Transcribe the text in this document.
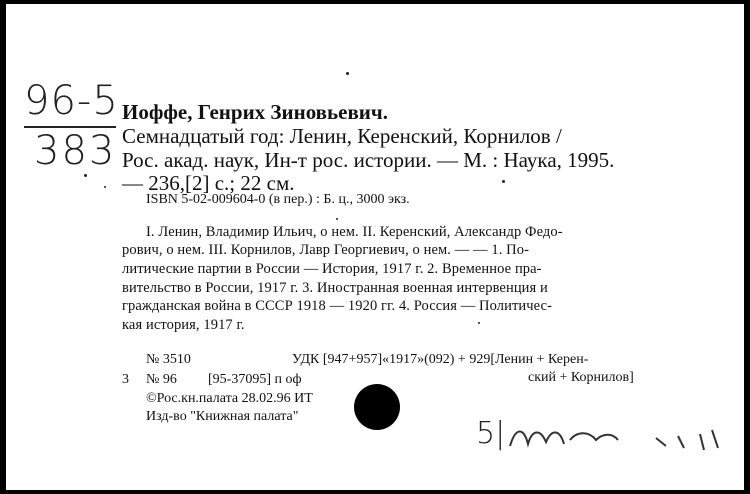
96-5
383
Иоффе, Генрих Зиновьевич.
Семнадцатый год: Ленин, Керенский, Корнилов /
Рос. акад. наук, Ин-т рос. истории. — М. : Наука, 1995.
— 236,[2] с.; 22 см.
ISBN 5-02-009604-0 (в пер.) : Б. ц., 3000 экз.
I. Ленин, Владимир Ильич, о нем. II. Керенский, Александр Федо-
рович, о нем. III. Корнилов, Лавр Георгиевич, о нем. — — 1. По-
литические партии в России — История, 1917 г. 2. Временное пра-
вительство в России, 1917 г. 3. Иностранная военная интервенция и
гражданская война в СССР 1918 — 1920 гг. 4. Россия — Политичес-
кая история, 1917 г.
№ 3510	УДК [947+957]«1917»(092) + 929[Ленин + Керен-
ский + Корнилов]
3 № 96 [95-37095] п оф
©Рос.кн.палата 28.02.96 ИТ
Изд-во "Книжная палата"	5|
